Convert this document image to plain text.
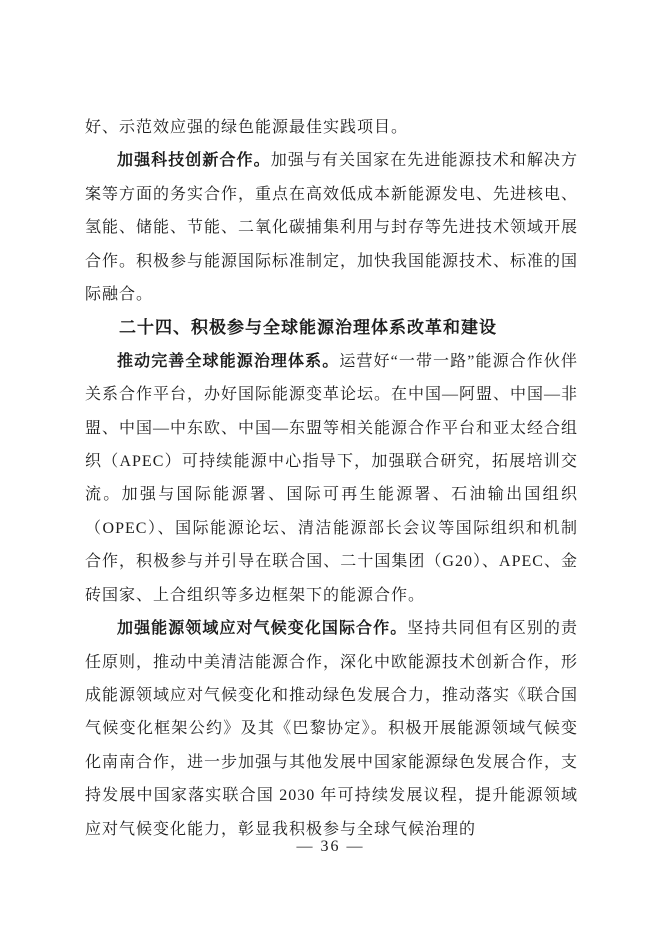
好、示范效应强的绿色能源最佳实践项目。

加强科技创新合作。加强与有关国家在先进能源技术和解决方案等方面的务实合作，重点在高效低成本新能源发电、先进核电、氢能、储能、节能、二氧化碳捕集利用与封存等先进技术领域开展合作。积极参与能源国际标准制定，加快我国能源技术、标准的国际融合。

二十四、积极参与全球能源治理体系改革和建设

推动完善全球能源治理体系。运营好“一带一路”能源合作伙伴关系合作平台，办好国际能源变革论坛。在中国—阿盟、中国—非盟、中国—中东欧、中国—东盟等相关能源合作平台和亚太经合组织（APEC）可持续能源中心指导下，加强联合研究，拓展培训交流。加强与国际能源署、国际可再生能源署、石油输出国组织（OPEC）、国际能源论坛、清洁能源部长会议等国际组织和机制合作，积极参与并引导在联合国、二十国集团（G20）、APEC、金砖国家、上合组织等多边框架下的能源合作。

加强能源领域应对气候变化国际合作。坚持共同但有区别的责任原则，推动中美清洁能源合作，深化中欧能源技术创新合作，形成能源领域应对气候变化和推动绿色发展合力，推动落实《联合国气候变化框架公约》及其《巴黎协定》。积极开展能源领域气候变化南南合作，进一步加强与其他发展中国家能源绿色发展合作，支持发展中国家落实联合国 2030 年可持续发展议程，提升能源领域应对气候变化能力，彰显我积极参与全球气候治理的

— 36 —
